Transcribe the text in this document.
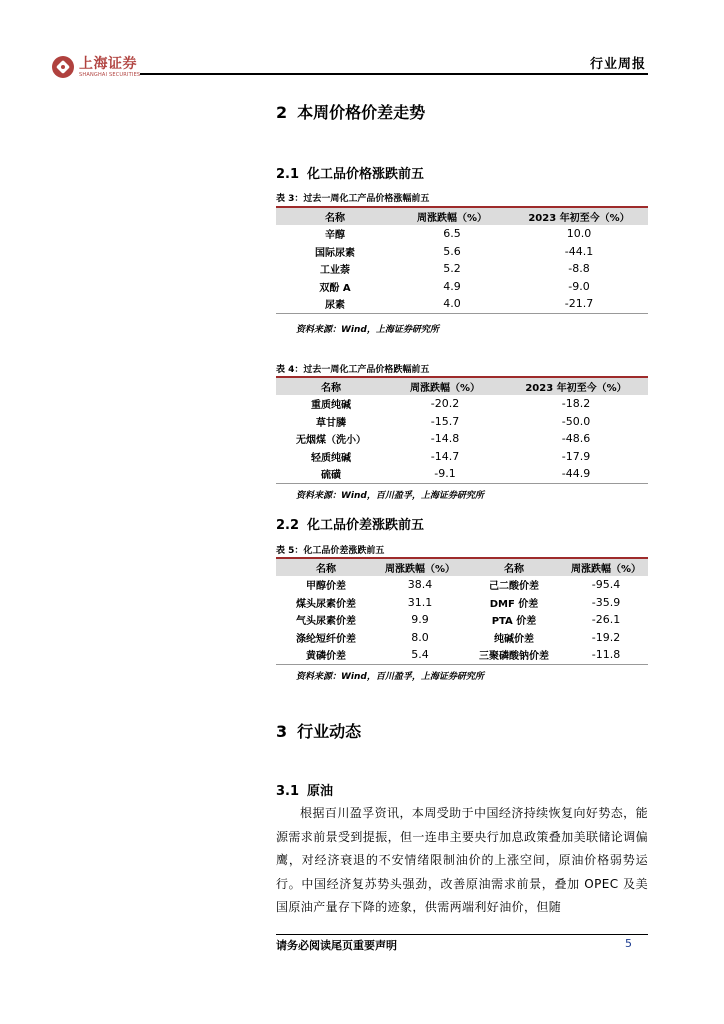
上海证券
SHANGHAI SECURITIES
行业周报
2 本周价格价差走势
2.1 化工品价格涨跌前五
表 3：过去一周化工产品价格涨幅前五
名称	周涨跌幅（%）	2023 年初至今（%）
辛醇	6.5	10.0
国际尿素	5.6	-44.1
工业萘	5.2	-8.8
双酚 A	4.9	-9.0
尿素	4.0	-21.7
资料来源：Wind，上海证券研究所
表 4：过去一周化工产品价格跌幅前五
名称	周涨跌幅（%）	2023 年初至今（%）
重质纯碱	-20.2	-18.2
草甘膦	-15.7	-50.0
无烟煤（洗小）	-14.8	-48.6
轻质纯碱	-14.7	-17.9
硫磺	-9.1	-44.9
资料来源：Wind，百川盈孚，上海证券研究所
2.2 化工品价差涨跌前五
表 5：化工品价差涨跌前五
名称	周涨跌幅（%）	名称	周涨跌幅（%）
甲醇价差	38.4	己二酸价差	-95.4
煤头尿素价差	31.1	DMF 价差	-35.9
气头尿素价差	9.9	PTA 价差	-26.1
涤纶短纤价差	8.0	纯碱价差	-19.2
黄磷价差	5.4	三聚磷酸钠价差	-11.8
资料来源：Wind，百川盈孚，上海证券研究所
3 行业动态
3.1 原油
根据百川盈孚资讯，本周受助于中国经济持续恢复向好势态，能源需求前景受到提振，但一连串主要央行加息政策叠加美联储论调偏鹰，对经济衰退的不安情绪限制油价的上涨空间，原油价格弱势运行。中国经济复苏势头强劲，改善原油需求前景，叠加 OPEC 及美国原油产量存下降的迹象，供需两端利好油价，但随
请务必阅读尾页重要声明	5
